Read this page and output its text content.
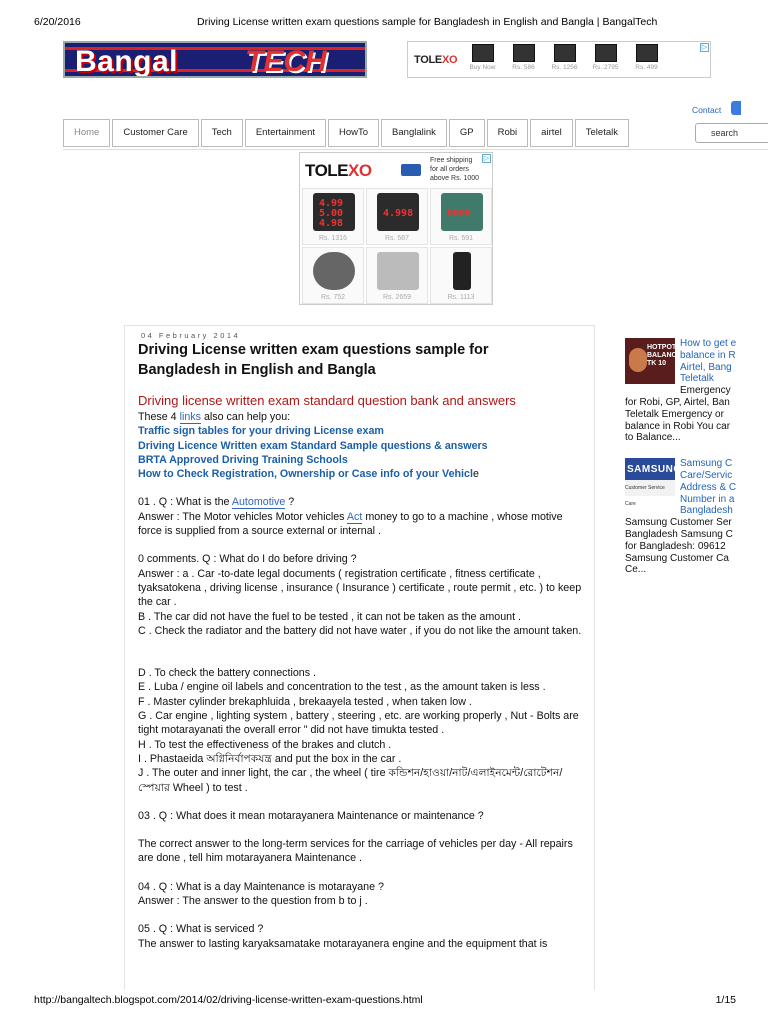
6/20/2016	Driving License written exam questions sample for Bangladesh in English and Bangla | BangalTech
http://bangaltech.blogspot.com/2014/02/driving-license-written-exam-questions.html	1/15
Bangal TECH	TOLEXO
Buy Now	Rs. 586	Rs. 1256	Rs. 2795	Rs. 499
▷
Contact
Home	Customer Care	Tech	Entertainment	HowTo	Banglalink	GP	Robi	airtel	Teletalk	search
TOLEXO
Free shipping
for all orders
above Rs. 1000
▷
4.99
5.00
4.98
Rs. 1316
4.998
Rs. 587
0000
Rs. 591
Rs. 752	Rs. 2659	Rs. 1113
04 February 2014
Driving License written exam questions sample for Bangladesh in English and Bangla
Driving license written exam standard question bank and answers

These 4 links also can help you:

Traffic sign tables for your driving License exam

Driving Licence Written exam Standard Sample questions & answers

BRTA Approved Driving Training Schools

How to Check Registration, Ownership or Case info of your Vehicle

01 . Q : What is the Automotive ?

Answer : The Motor vehicles Motor vehicles Act money to go to a machine , whose motive force is supplied from a source external or internal .

0 comments. Q : What do I do before driving ?

Answer : a . Car -to-date legal documents ( registration certificate , fitness certificate , tyaksatokena , driving license , insurance ( Insurance ) certificate , route permit , etc. ) to keep the car .

B . The car did not have the fuel to be tested , it can not be taken as the amount .

C . Check the radiator and the battery did not have water , if you do not like the amount taken.

D . To check the battery connections .

E . Luba / engine oil labels and concentration to the test , as the amount taken is less .

F . Master cylinder brekaphluida , brekaayela tested , when taken low .

G . Car engine , lighting system , battery , steering , etc. are working properly , Nut - Bolts are tight motarayanati the overall error " did not have timukta tested .

H . To test the effectiveness of the brakes and clutch .

I . Phastaeida অগ্নিনির্বাপকযন্ত্র and put the box in the car .

J . The outer and inner light, the car , the wheel ( tire কন্ডিশন/হাওয়া/নাট/এলাইনমেন্ট/রোটেশন/স্পেয়ার Wheel ) to test .

03 . Q : What does it mean motarayanera Maintenance or maintenance ?

The correct answer to the long-term services for the carriage of vehicles per day - All repairs are done , tell him motarayanera Maintenance .

04 . Q : What is a day Maintenance is motarayane ?

Answer : The answer to the question from b to j .

05 . Q : What is serviced ?

The answer to lasting karyaksamatake motarayanera engine and the equipment that is

HOTPOT BALANC TK 10
How to get e
balance in R
Airtel, Bang
Teletalk
Emergency
for Robi, GP, Airtel, Ban
Teletalk Emergency or
balance in Robi You car
to Balance...
SAMSUNG
Customer Service Care
Samsung C
Care/Servic
Address & C
Number in a
Bangladesh
Samsung Customer Ser
Bangladesh Samsung C
for Bangladesh: 09612
Samsung Customer Ca
Ce...
